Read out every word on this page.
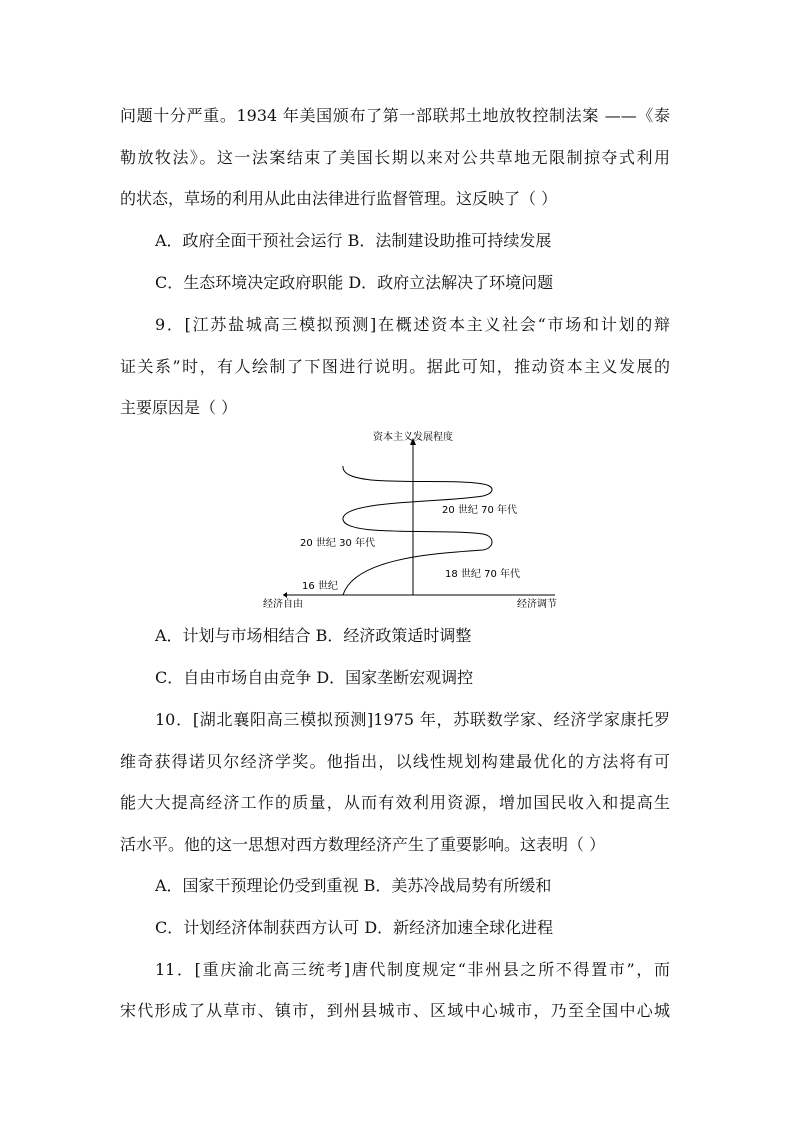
问题十分严重。1934 年美国颁布了第一部联邦土地放牧控制法案 ——《泰
勒放牧法》。这一法案结束了美国长期以来对公共草地无限制掠夺式利用
的状态，草场的利用从此由法律进行监督管理。这反映了（ ）
A．政府全面干预社会运行 B．法制建设助推可持续发展
C．生态环境决定政府职能 D．政府立法解决了环境问题
9．[江苏盐城高三模拟预测]在概述资本主义社会“市场和计划的辩
证关系”时，有人绘制了下图进行说明。据此可知，推动资本主义发展的
主要原因是（ ）
资本主义发展程度
经济自由	经济调节
16 世纪
18 世纪 70 年代
20 世纪 30 年代
20 世纪 70 年代
A．计划与市场相结合 B．经济政策适时调整
C．自由市场自由竞争 D．国家垄断宏观调控
10．[湖北襄阳高三模拟预测]1975 年，苏联数学家、经济学家康托罗
维奇获得诺贝尔经济学奖。他指出，以线性规划构建最优化的方法将有可
能大大提高经济工作的质量，从而有效利用资源，增加国民收入和提高生
活水平。他的这一思想对西方数理经济产生了重要影响。这表明（ ）
A．国家干预理论仍受到重视 B．美苏冷战局势有所缓和
C．计划经济体制获西方认可 D．新经济加速全球化进程
11．[重庆渝北高三统考]唐代制度规定“非州县之所不得置市”，而
宋代形成了从草市、镇市，到州县城市、区域中心城市，乃至全国中心城
